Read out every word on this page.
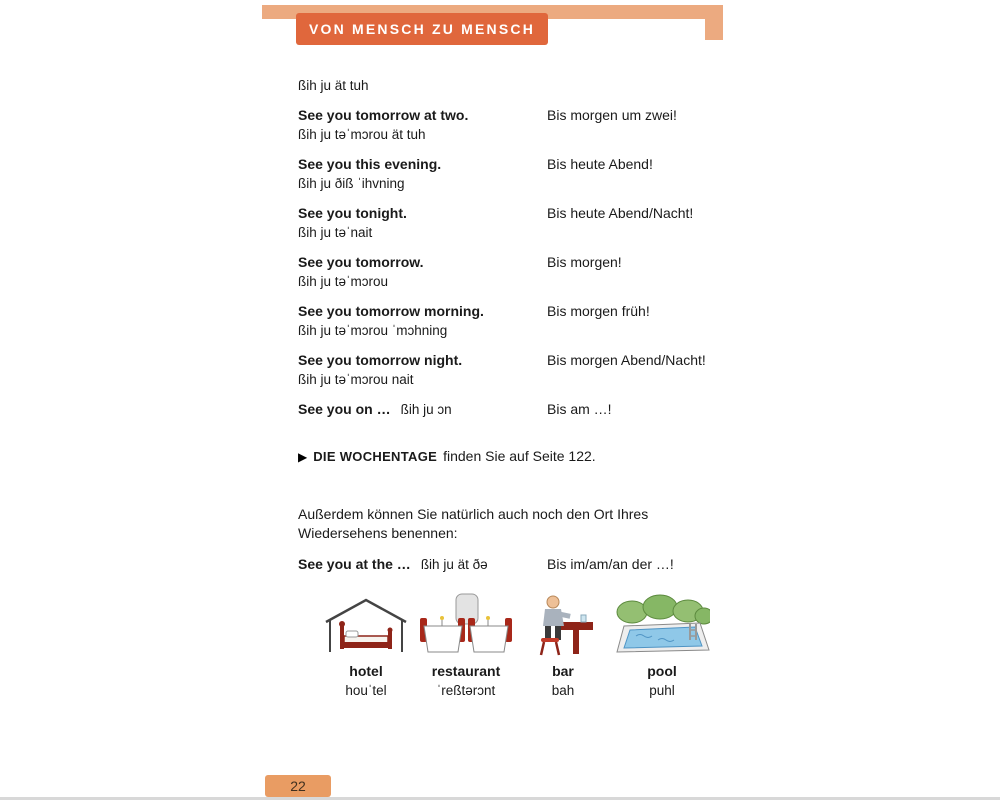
VON MENSCH ZU MENSCH
ßih ju ät tuh
See you tomorrow at two.
ßih ju təˈmɔrou ät tuh
Bis morgen um zwei!
See you this evening.
ßih ju ðiß ˈihvning
Bis heute Abend!
See you tonight.
ßih ju təˈnait
Bis heute Abend/Nacht!
See you tomorrow.
ßih ju təˈmɔrou
Bis morgen!
See you tomorrow morning.
ßih ju təˈmɔrou ˈmɔhning
Bis morgen früh!
See you tomorrow night.
ßih ju təˈmɔrou nait
Bis morgen Abend/Nacht!
See you on … ßih ju ɔn	Bis am …!
▶ DIE WOCHENTAGE finden Sie auf Seite 122.
Außerdem können Sie natürlich auch noch den Ort Ihres Wiedersehens benennen:
See you at the … ßih ju ät ðə	Bis im/am/an der …!
hotel
houˈtel
restaurant
ˈreßtərɔnt
bar
bah
pool
puhl
22
